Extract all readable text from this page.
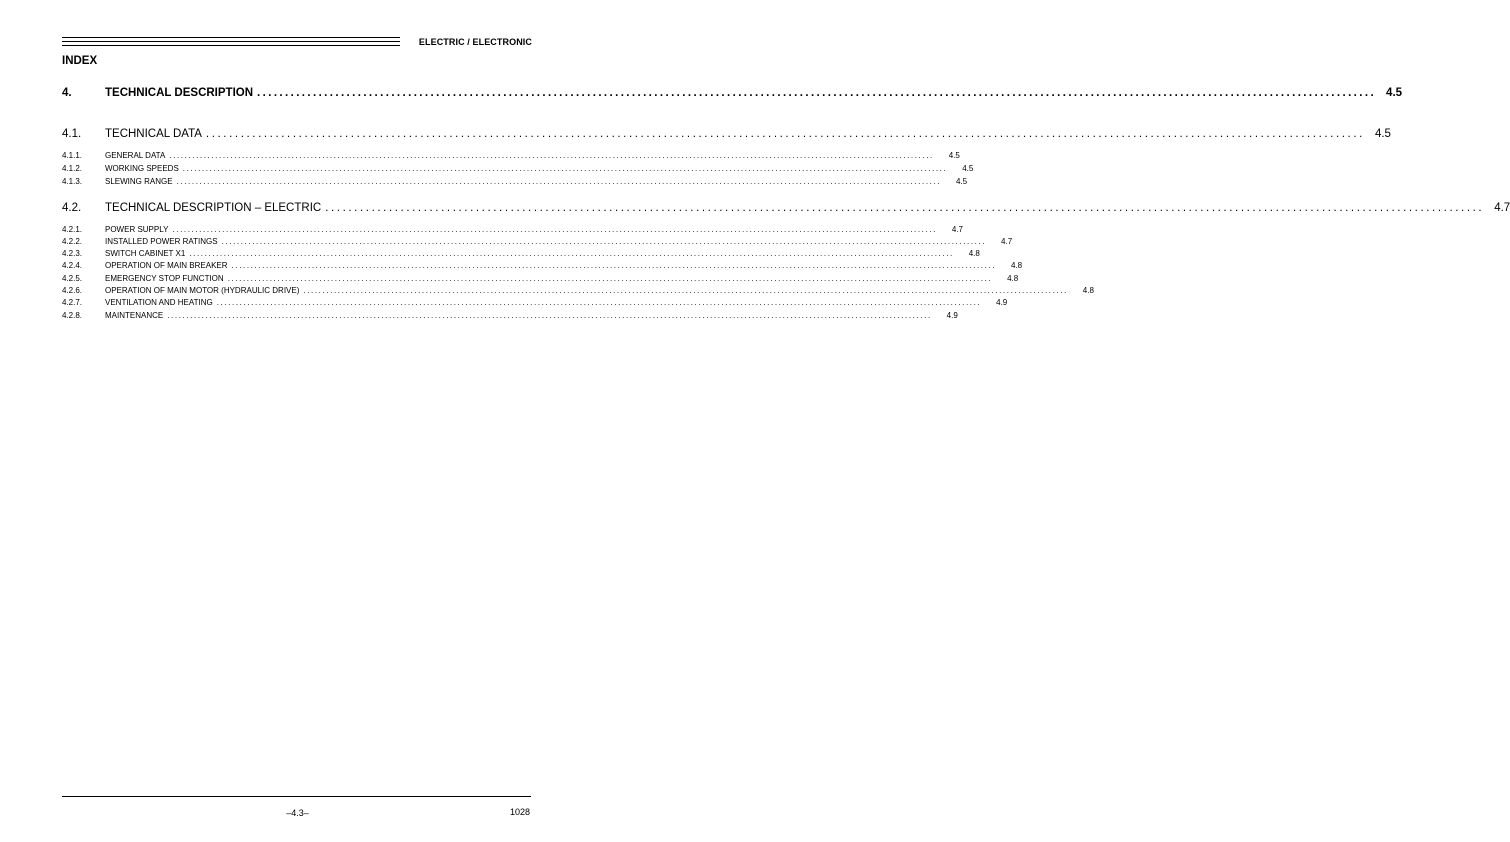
ELECTRIC / ELECTRONIC
INDEX
4.	TECHNICAL DESCRIPTION ........................................................................................................................................................................................................ 4.5
4.1.	TECHNICAL DATA ........................................................................................................................................................................................................ 4.5
4.1.1.	GENERAL DATA ........................................................................................................................................................................................................	4.5
4.1.2.	WORKING SPEEDS ........................................................................................................................................................................................................	4.5
4.1.3.	SLEWING RANGE ........................................................................................................................................................................................................	4.5
4.2.	TECHNICAL DESCRIPTION – ELECTRIC ........................................................................................................................................................................................................ 4.7
4.2.1.	POWER SUPPLY ........................................................................................................................................................................................................	4.7
4.2.2.	INSTALLED POWER RATINGS ........................................................................................................................................................................................................	4.7
4.2.3.	SWITCH CABINET X1 ........................................................................................................................................................................................................	4.8
4.2.4.	OPERATION OF MAIN BREAKER ........................................................................................................................................................................................................	4.8
4.2.5.	EMERGENCY STOP FUNCTION ........................................................................................................................................................................................................	4.8
4.2.6.	OPERATION OF MAIN MOTOR (HYDRAULIC DRIVE) ........................................................................................................................................................................................................	4.8
4.2.7.	VENTILATION AND HEATING ........................................................................................................................................................................................................	4.9
4.2.8.	MAINTENANCE ........................................................................................................................................................................................................	4.9
–4.3–	1028
